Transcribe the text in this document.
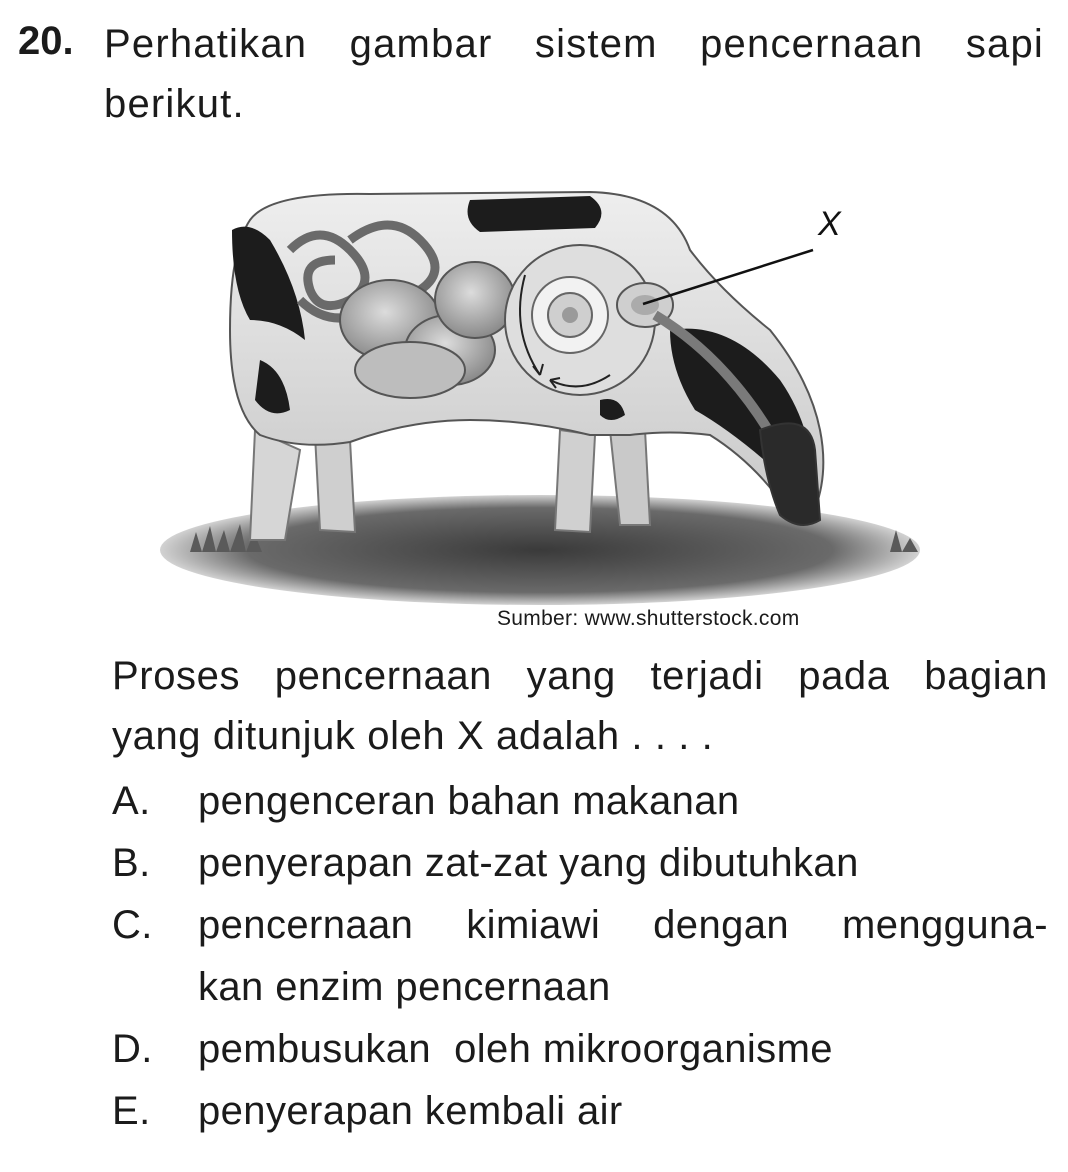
20. Perhatikan gambar sistem pencernaan sapi
berikut.
X
Sumber: www.shutterstock.com
Proses pencernaan yang terjadi pada bagian
yang ditunjuk oleh X adalah . . . .
A.	pengenceran bahan makanan
B.	penyerapan zat-zat yang dibutuhkan
C.	pencernaan kimiawi dengan mengguna-
kan enzim pencernaan
D.	pembusukan  oleh mikroorganisme
E.	penyerapan kembali air
